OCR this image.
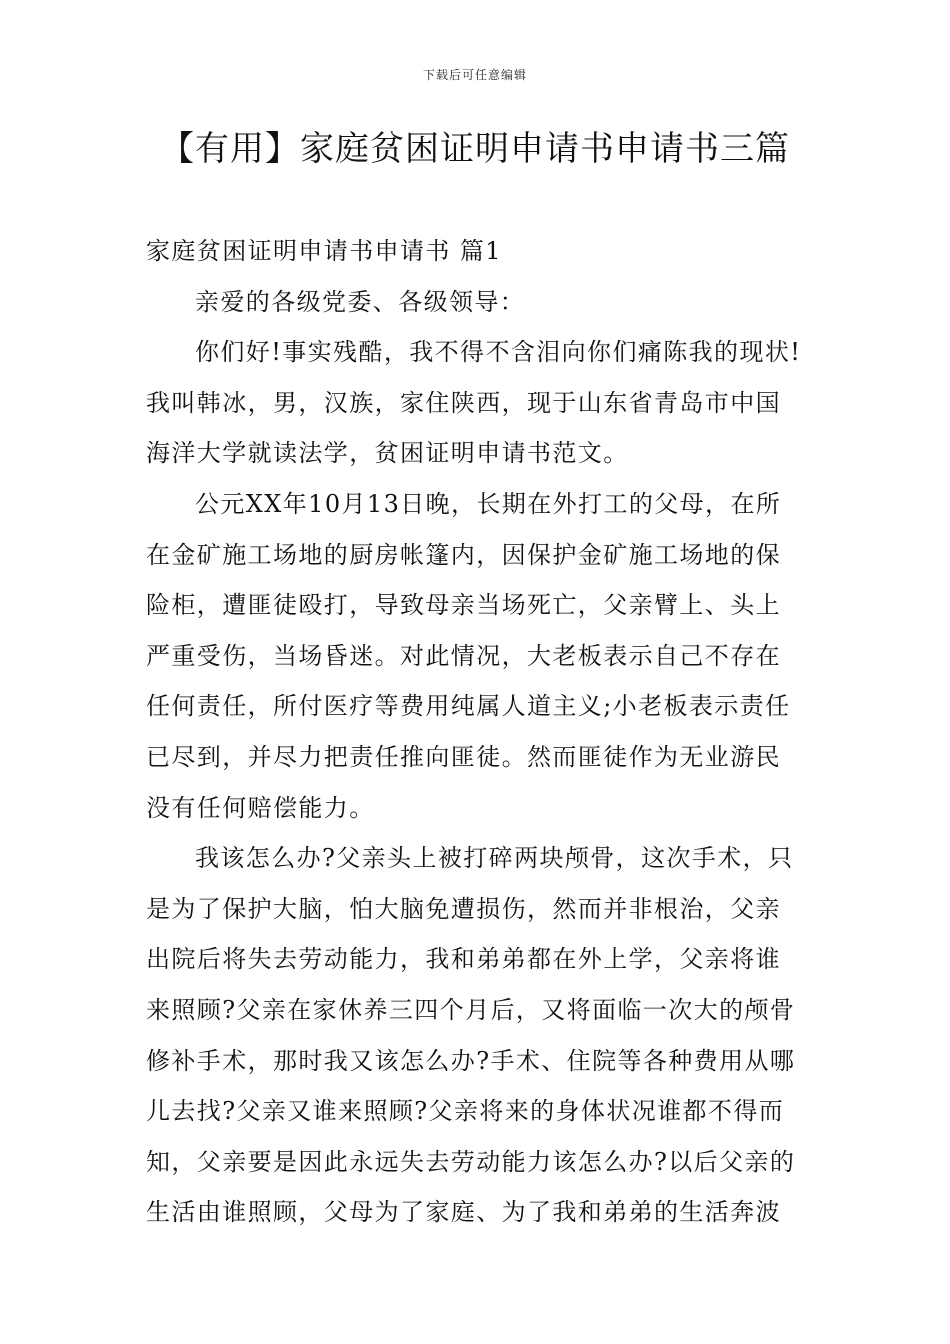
下载后可任意编辑
【有用】家庭贫困证明申请书申请书三篇
家庭贫困证明申请书申请书 篇1
亲爱的各级党委、各级领导：
你们好!事实残酷，我不得不含泪向你们痛陈我的现状!
我叫韩冰，男，汉族，家住陕西，现于山东省青岛市中国
海洋大学就读法学，贫困证明申请书范文。
公元XX年10月13日晚，长期在外打工的父母，在所
在金矿施工场地的厨房帐篷内，因保护金矿施工场地的保
险柜，遭匪徒殴打，导致母亲当场死亡，父亲臂上、头上
严重受伤，当场昏迷。对此情况，大老板表示自己不存在
任何责任，所付医疗等费用纯属人道主义;小老板表示责任
已尽到，并尽力把责任推向匪徒。然而匪徒作为无业游民
没有任何赔偿能力。
我该怎么办?父亲头上被打碎两块颅骨，这次手术，只
是为了保护大脑，怕大脑免遭损伤，然而并非根治，父亲
出院后将失去劳动能力，我和弟弟都在外上学，父亲将谁
来照顾?父亲在家休养三四个月后，又将面临一次大的颅骨
修补手术，那时我又该怎么办?手术、住院等各种费用从哪
儿去找?父亲又谁来照顾?父亲将来的身体状况谁都不得而
知，父亲要是因此永远失去劳动能力该怎么办?以后父亲的
生活由谁照顾，父母为了家庭、为了我和弟弟的生活奔波
